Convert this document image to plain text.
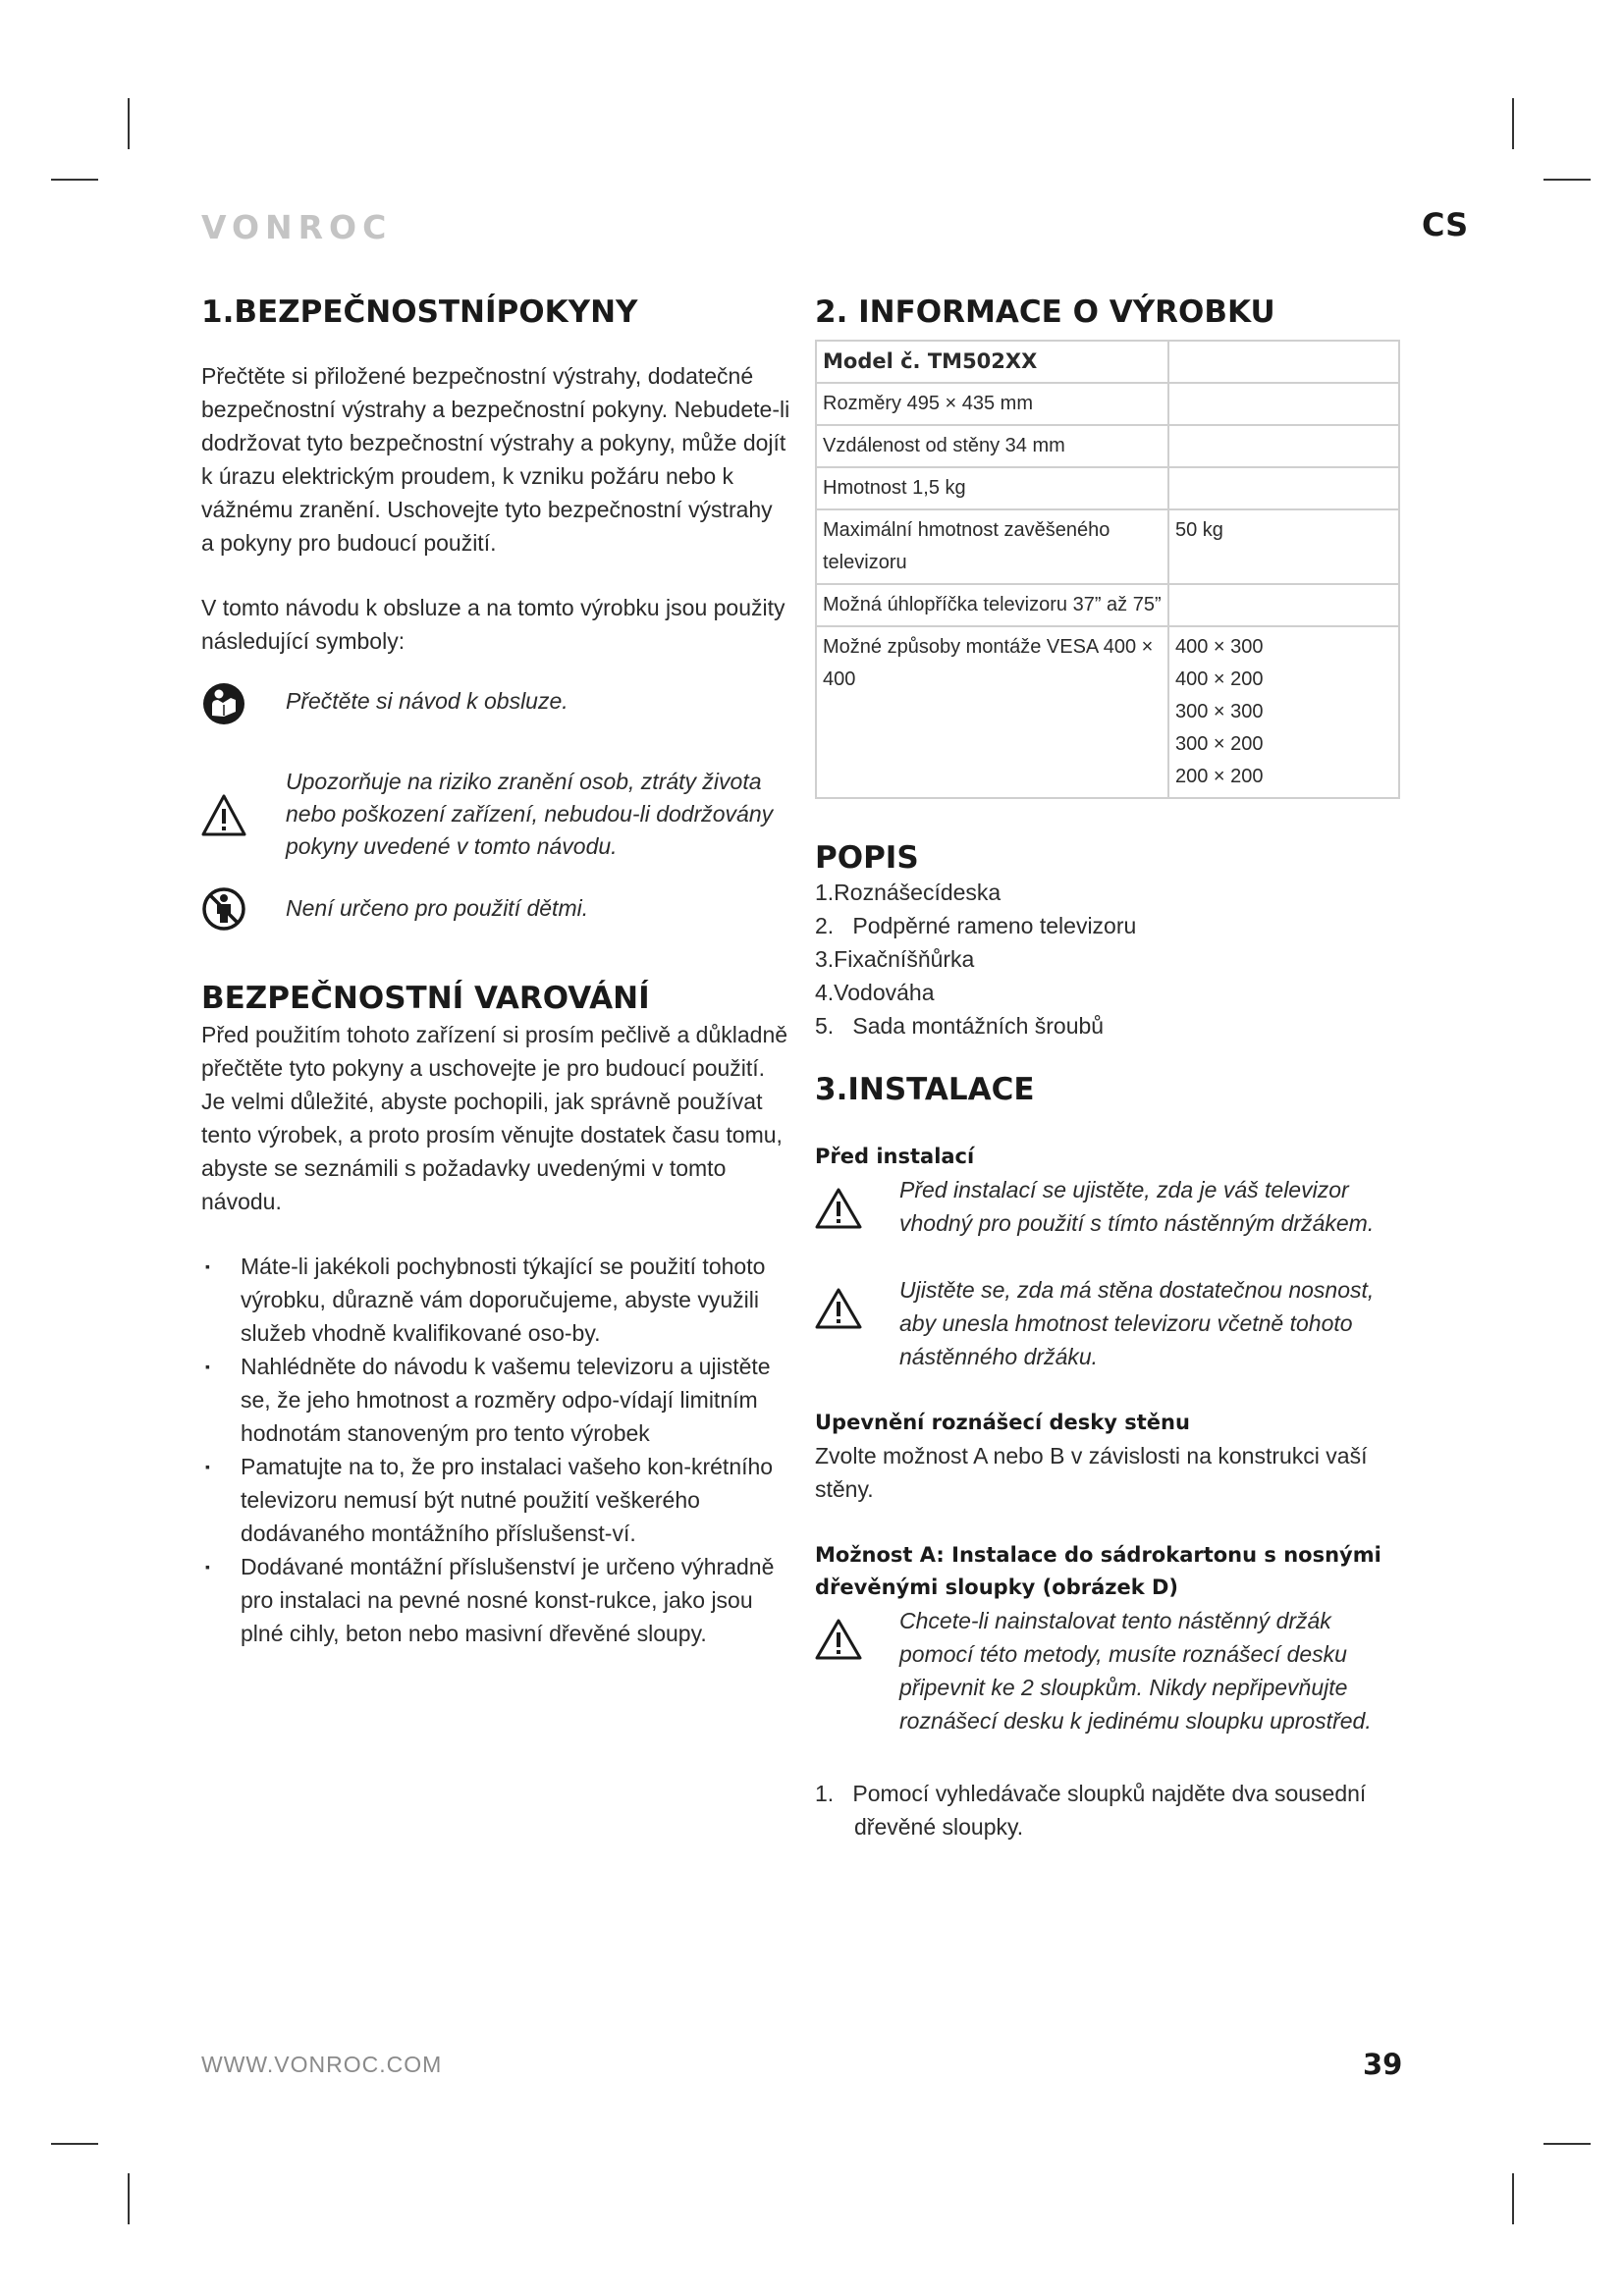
VONROC	CS
1.BEZPEČNOSTNÍPOKYNY

Přečtěte si přiložené bezpečnostní výstrahy, dodatečné bezpečnostní výstrahy a bezpečnostní pokyny. Nebudete-li dodržovat tyto bezpečnostní výstrahy a pokyny, může dojít k úrazu elektrickým proudem, k vzniku požáru nebo k vážnému zranění. Uschovejte tyto bezpečnostní výstrahy a pokyny pro budoucí použití.

V tomto návodu k obsluze a na tomto výrobku jsou použity následující symboly:

Přečtěte si návod k obsluze.

Upozorňuje na riziko zranění osob, ztráty života nebo poškození zařízení, nebudou-li dodržovány pokyny uvedené v tomto návodu.

Není určeno pro použití dětmi.

BEZPEČNOSTNÍ VAROVÁNÍ

Před použitím tohoto zařízení si prosím pečlivě a důkladně přečtěte tyto pokyny a uschovejte je pro budoucí použití. Je velmi důležité, abyste pochopili, jak správně používat tento výrobek, a proto prosím věnujte dostatek času tomu, abyste se seznámili s požadavky uvedenými v tomto návodu.

▪ Máte-li jakékoli pochybnosti týkající se použití tohoto výrobku, důrazně vám doporučujeme, abyste využili služeb vhodně kvalifikované oso-by.
▪ Nahlédněte do návodu k vašemu televizoru a ujistěte se, že jeho hmotnost a rozměry odpo-vídají limitním hodnotám stanoveným pro tento výrobek
▪ Pamatujte na to, že pro instalaci vašeho kon-krétního televizoru nemusí být nutné použití veškerého dodávaného montážního příslušenst-ví.
▪ Dodávané montážní příslušenství je určeno výhradně pro instalaci na pevné nosné konst-rukce, jako jsou plné cihly, beton nebo masivní dřevěné sloupy.
2. INFORMACE O VÝROBKU
Model č. TM502XX	
Rozměry 495 × 435 mm	
Vzdálenost od stěny 34 mm	
Hmotnost 1,5 kg	
Maximální hmotnost zavěšeného televizoru	50 kg
Možná úhlopříčka televizoru 37” až 75”	
Možné způsoby montáže VESA 400 × 400	400 × 300
400 × 200
300 × 300
300 × 200
200 × 200
POPIS
1.Roznášecídeska
2.   Podpěrné rameno televizoru
3.Fixačníšňůrka
4.Vodováha
5.   Sada montážních šroubů
3.INSTALACE
Před instalací

Před instalací se ujistěte, zda je váš televizor vhodný pro použití s tímto nástěnným držákem.

Ujistěte se, zda má stěna dostatečnou nosnost, aby unesla hmotnost televizoru včetně tohoto nástěnného držáku.

Upevnění roznášecí desky stěnu

Zvolte možnost A nebo B v závislosti na konstrukci vaší stěny.

Možnost A: Instalace do sádrokartonu s nosnými dřevěnými sloupky (obrázek D)

Chcete-li nainstalovat tento nástěnný držák pomocí této metody, musíte roznášecí desku připevnit ke 2 sloupkům. Nikdy nepřipevňujte roznášecí desku k jedinému sloupku uprostřed.

1.   Pomocí vyhledávače sloupků najděte dva sousední dřevěné sloupky.
WWW.VONROC.COM	39
